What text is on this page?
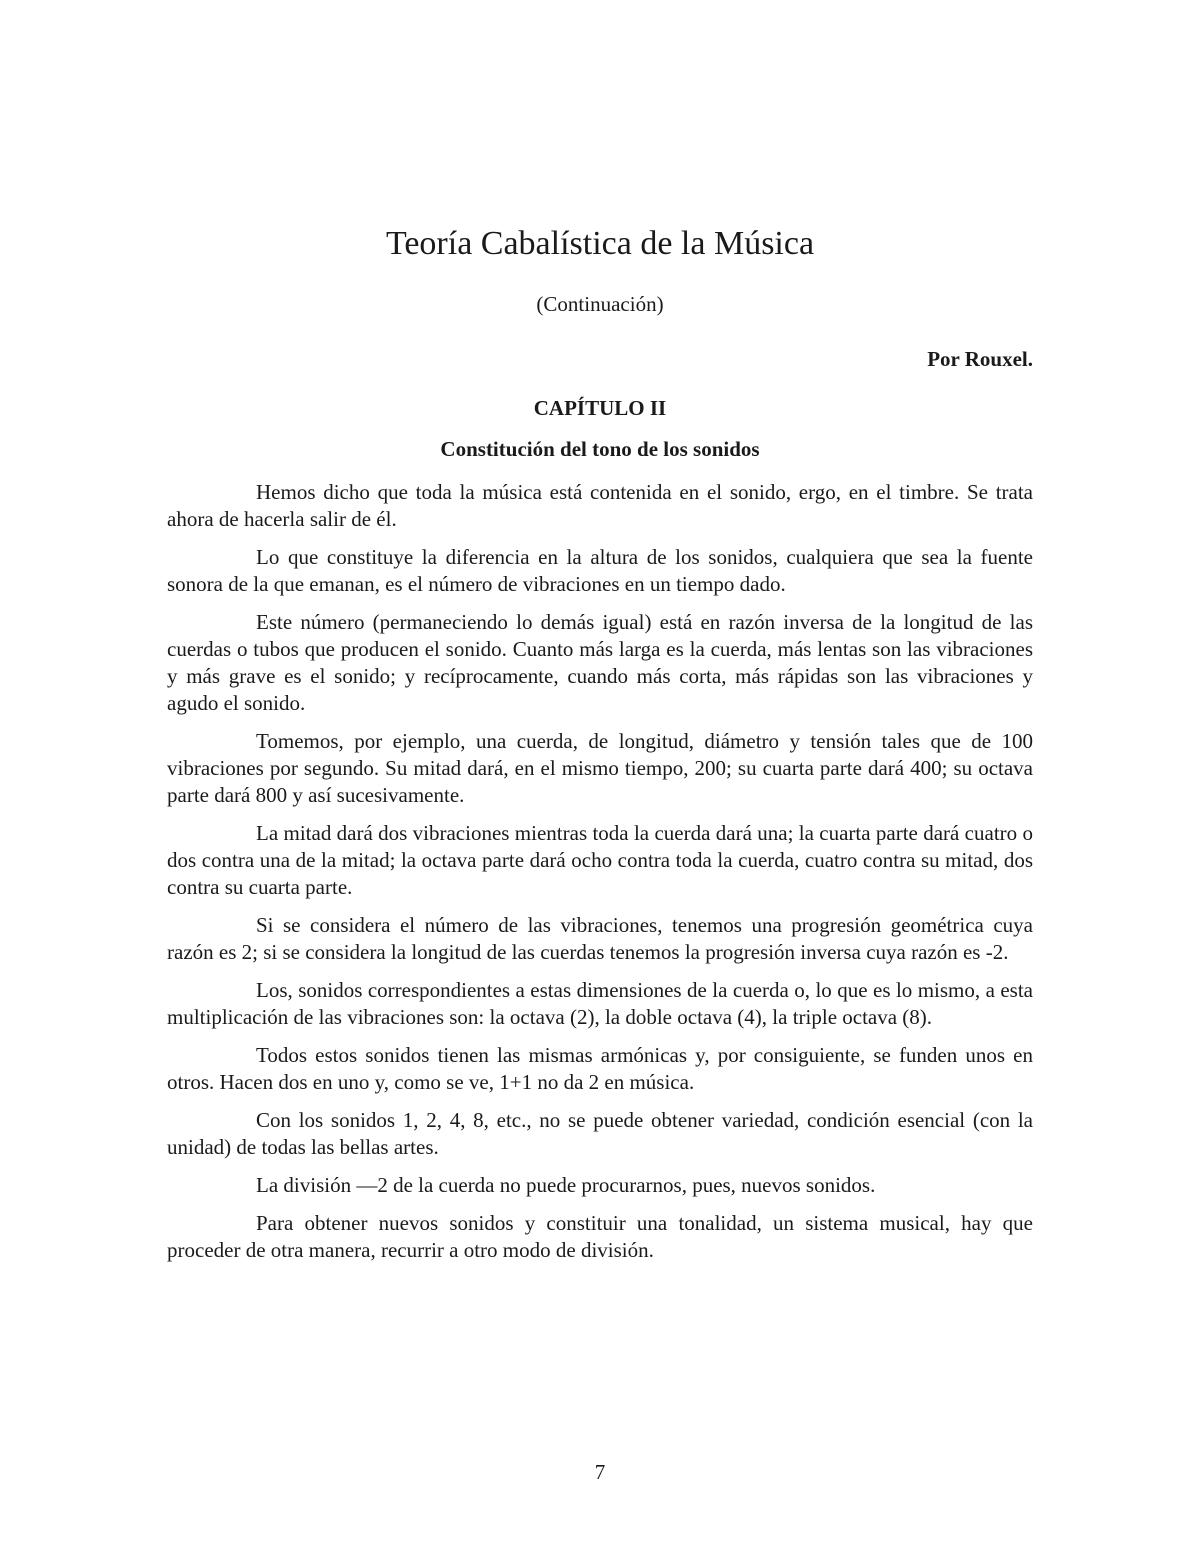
Teoría Cabalística de la Música
(Continuación)
Por Rouxel.
CAPÍTULO II
Constitución del tono de los sonidos

Hemos dicho que toda la música está contenida en el sonido, ergo, en el timbre. Se trata ahora de hacerla salir de él.

Lo que constituye la diferencia en la altura de los sonidos, cualquiera que sea la fuente sonora de la que emanan, es el número de vibraciones en un tiempo dado.

Este número (permaneciendo lo demás igual) está en razón inversa de la longitud de las cuerdas o tubos que producen el sonido. Cuanto más larga es la cuerda, más lentas son las vibraciones y más grave es el sonido; y recíprocamente, cuando más corta, más rápidas son las vibraciones y agudo el sonido.

Tomemos, por ejemplo, una cuerda, de longitud, diámetro y tensión tales que de 100 vibraciones por segundo. Su mitad dará, en el mismo tiempo, 200; su cuarta parte dará 400; su octava parte dará 800 y así sucesivamente.

La mitad dará dos vibraciones mientras toda la cuerda dará una; la cuarta parte dará cuatro o dos contra una de la mitad; la octava parte dará ocho contra toda la cuerda, cuatro contra su mitad, dos contra su cuarta parte.

Si se considera el número de las vibraciones, tenemos una progresión geométrica cuya razón es 2; si se considera la longitud de las cuerdas tenemos la progresión inversa cuya razón es -2.

Los, sonidos correspondientes a estas dimensiones de la cuerda o, lo que es lo mismo, a esta multiplicación de las vibraciones son: la octava (2), la doble octava (4), la triple octava (8).

Todos estos sonidos tienen las mismas armónicas y, por consiguiente, se funden unos en otros. Hacen dos en uno y, como se ve, 1+1 no da 2 en música.

Con los sonidos 1, 2, 4, 8, etc., no se puede obtener variedad, condición esencial (con la unidad) de todas las bellas artes.

La división —2 de la cuerda no puede procurarnos, pues, nuevos sonidos.

Para obtener nuevos sonidos y constituir una tonalidad, un sistema musical, hay que proceder de otra manera, recurrir a otro modo de división.

7
